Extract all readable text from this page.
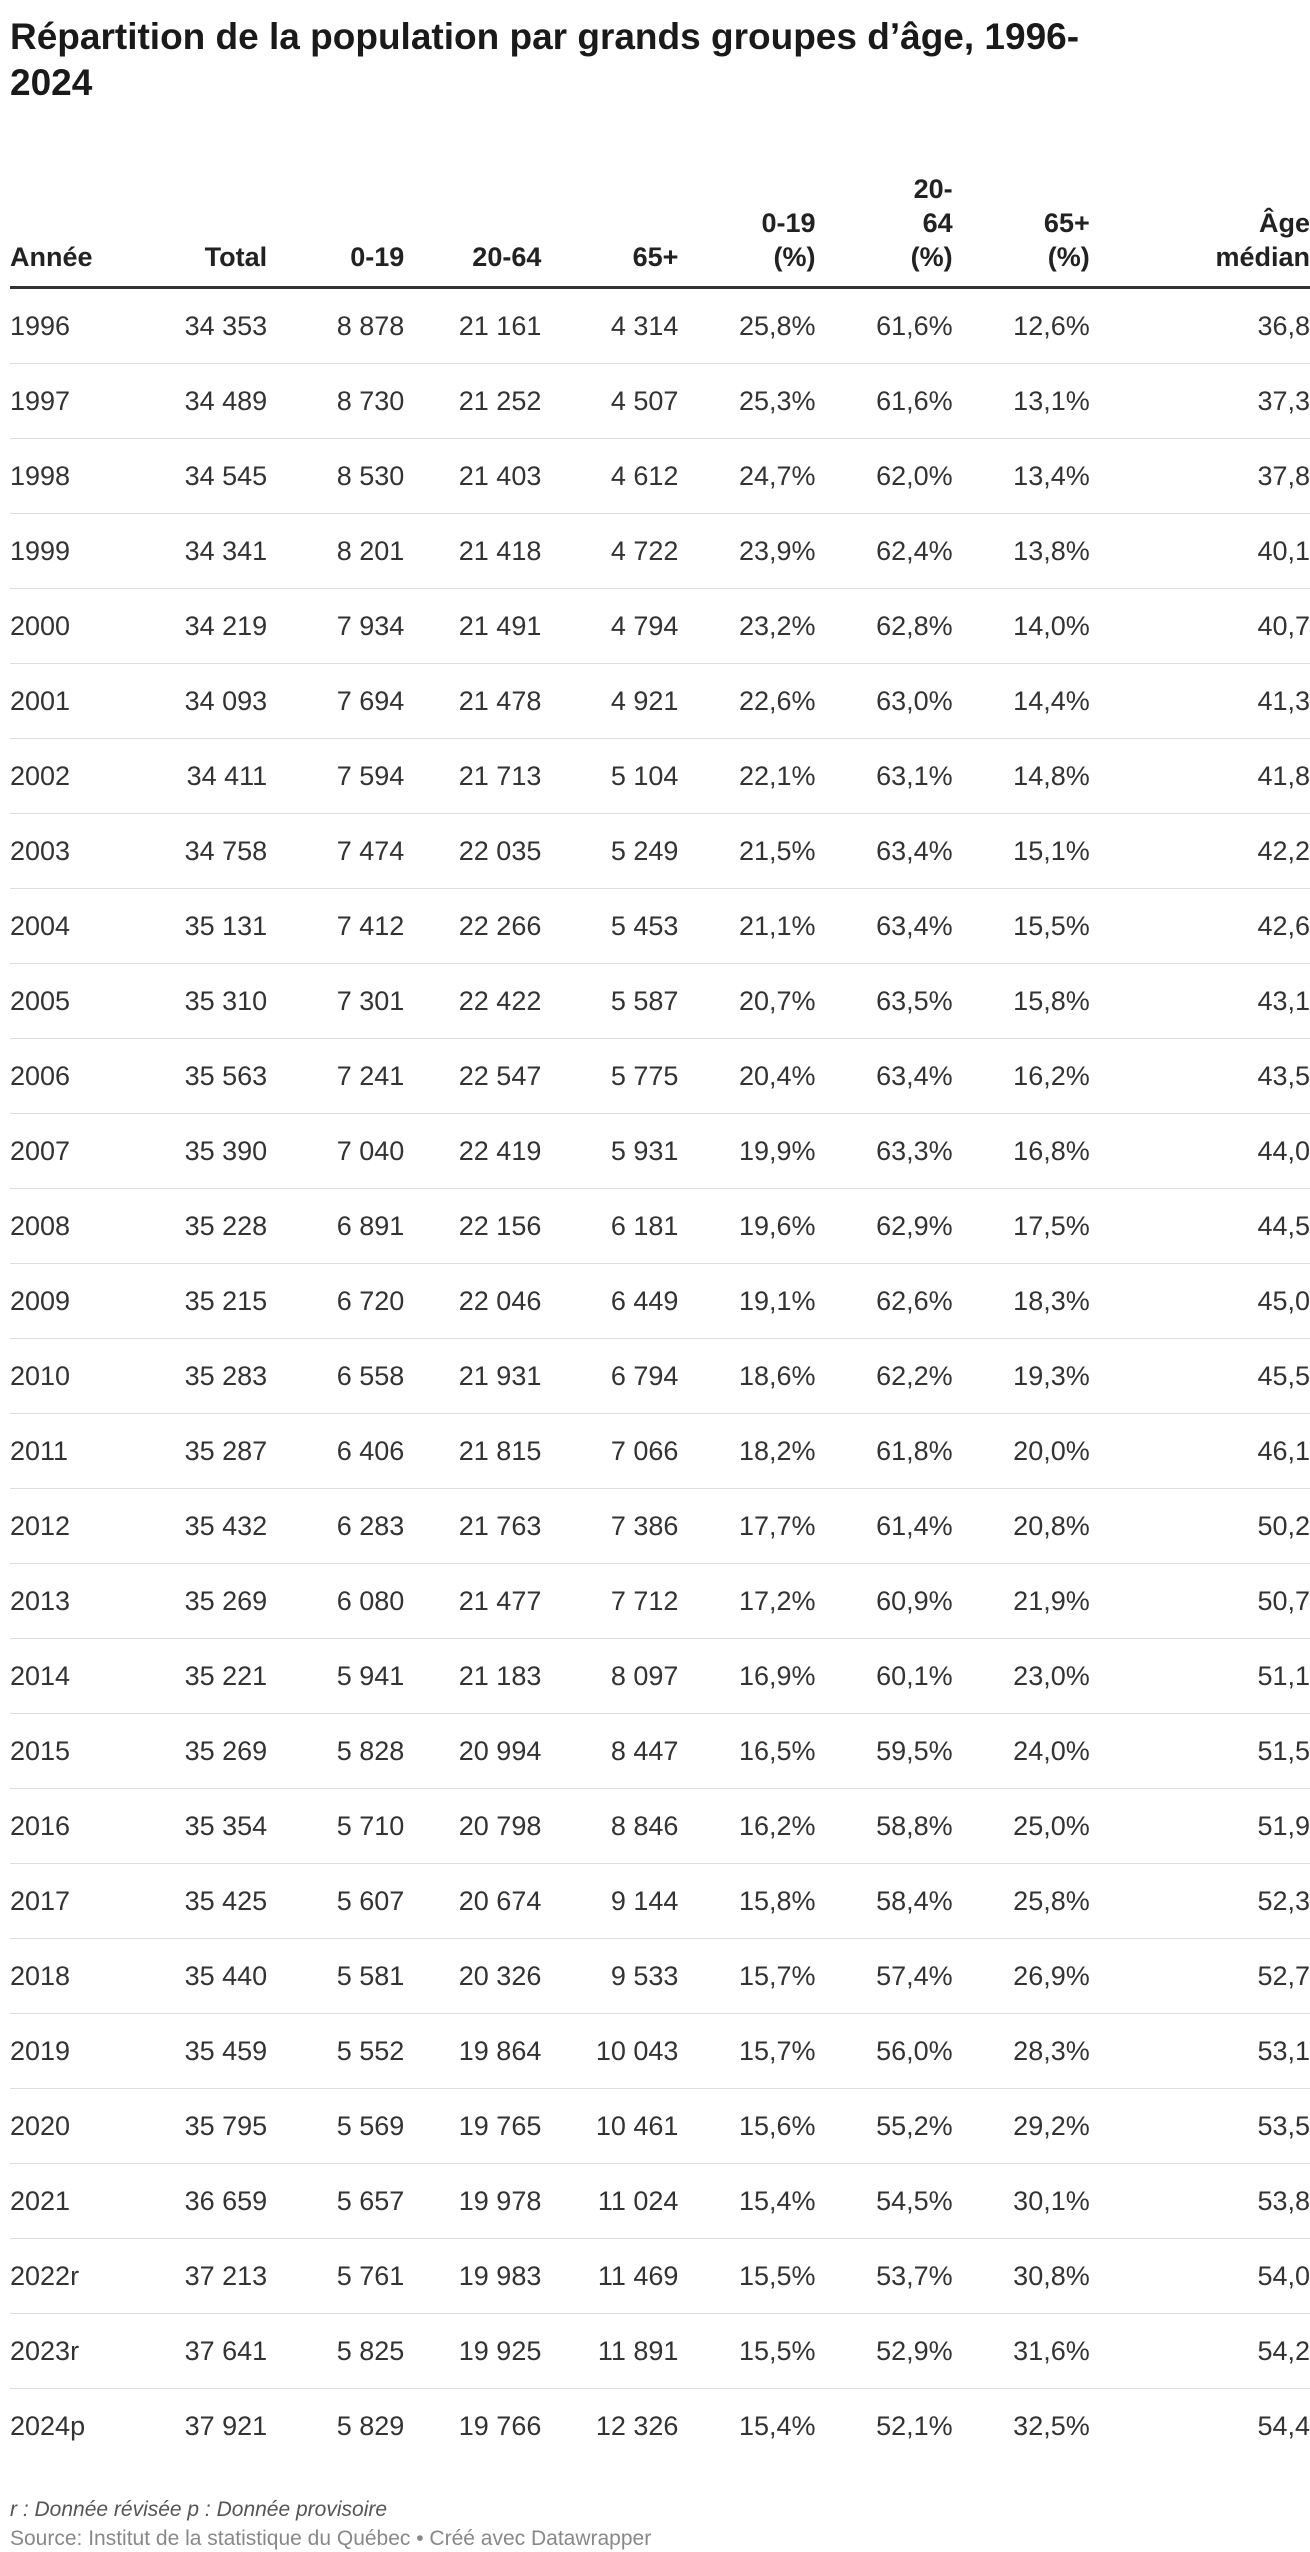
Répartition de la population par grands groupes d’âge, 1996-
2024
Année	Total	0-19	20-64	65+	0-19
(%)	20-
64
(%)	65+
(%)	Âge
médian
1996	34 353	8 878	21 161	4 314	25,8%	61,6%	12,6%	36,8
1997	34 489	8 730	21 252	4 507	25,3%	61,6%	13,1%	37,3
1998	34 545	8 530	21 403	4 612	24,7%	62,0%	13,4%	37,8
1999	34 341	8 201	21 418	4 722	23,9%	62,4%	13,8%	40,1
2000	34 219	7 934	21 491	4 794	23,2%	62,8%	14,0%	40,7
2001	34 093	7 694	21 478	4 921	22,6%	63,0%	14,4%	41,3
2002	34 411	7 594	21 713	5 104	22,1%	63,1%	14,8%	41,8
2003	34 758	7 474	22 035	5 249	21,5%	63,4%	15,1%	42,2
2004	35 131	7 412	22 266	5 453	21,1%	63,4%	15,5%	42,6
2005	35 310	7 301	22 422	5 587	20,7%	63,5%	15,8%	43,1
2006	35 563	7 241	22 547	5 775	20,4%	63,4%	16,2%	43,5
2007	35 390	7 040	22 419	5 931	19,9%	63,3%	16,8%	44,0
2008	35 228	6 891	22 156	6 181	19,6%	62,9%	17,5%	44,5
2009	35 215	6 720	22 046	6 449	19,1%	62,6%	18,3%	45,0
2010	35 283	6 558	21 931	6 794	18,6%	62,2%	19,3%	45,5
2011	35 287	6 406	21 815	7 066	18,2%	61,8%	20,0%	46,1
2012	35 432	6 283	21 763	7 386	17,7%	61,4%	20,8%	50,2
2013	35 269	6 080	21 477	7 712	17,2%	60,9%	21,9%	50,7
2014	35 221	5 941	21 183	8 097	16,9%	60,1%	23,0%	51,1
2015	35 269	5 828	20 994	8 447	16,5%	59,5%	24,0%	51,5
2016	35 354	5 710	20 798	8 846	16,2%	58,8%	25,0%	51,9
2017	35 425	5 607	20 674	9 144	15,8%	58,4%	25,8%	52,3
2018	35 440	5 581	20 326	9 533	15,7%	57,4%	26,9%	52,7
2019	35 459	5 552	19 864	10 043	15,7%	56,0%	28,3%	53,1
2020	35 795	5 569	19 765	10 461	15,6%	55,2%	29,2%	53,5
2021	36 659	5 657	19 978	11 024	15,4%	54,5%	30,1%	53,8
2022r	37 213	5 761	19 983	11 469	15,5%	53,7%	30,8%	54,0
2023r	37 641	5 825	19 925	11 891	15,5%	52,9%	31,6%	54,2
2024p	37 921	5 829	19 766	12 326	15,4%	52,1%	32,5%	54,4
r : Donnée révisée p : Donnée provisoire
Source: Institut de la statistique du Québec • Créé avec Datawrapper
